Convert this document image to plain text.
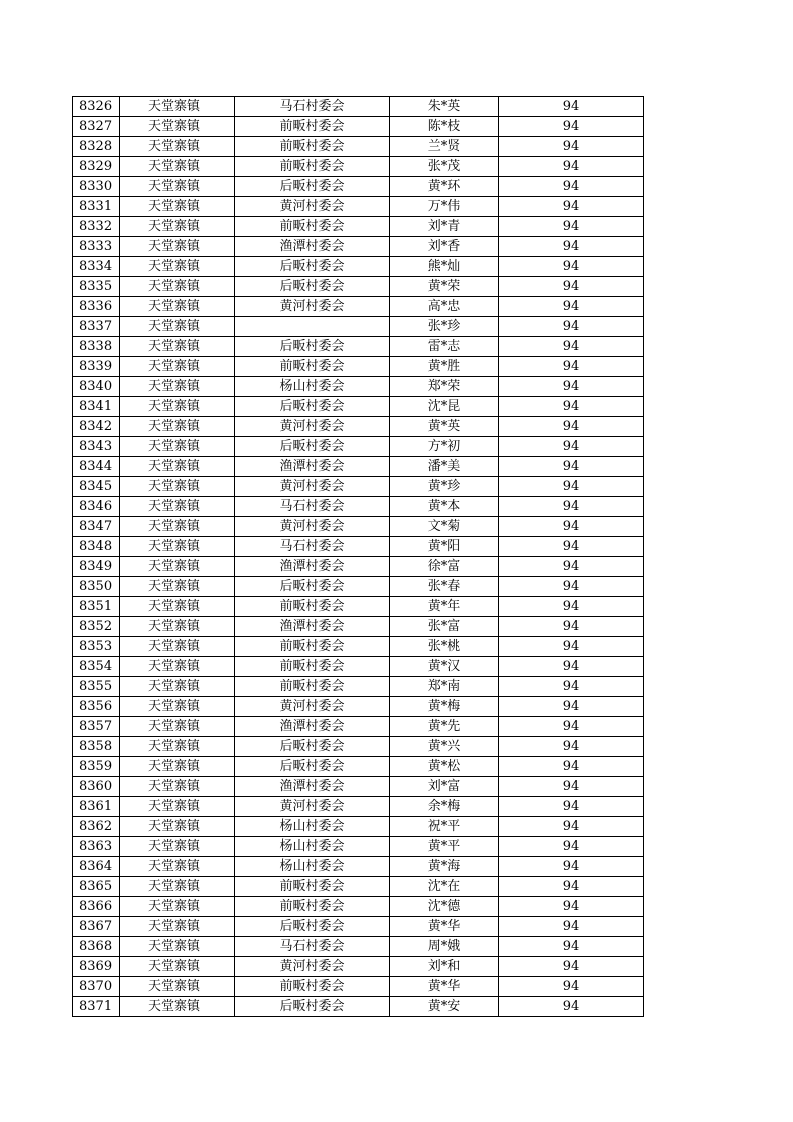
8326	天堂寨镇	马石村委会	朱*英	94
8327	天堂寨镇	前畈村委会	陈*枝	94
8328	天堂寨镇	前畈村委会	兰*贤	94
8329	天堂寨镇	前畈村委会	张*茂	94
8330	天堂寨镇	后畈村委会	黄*环	94
8331	天堂寨镇	黄河村委会	万*伟	94
8332	天堂寨镇	前畈村委会	刘*青	94
8333	天堂寨镇	渔潭村委会	刘*香	94
8334	天堂寨镇	后畈村委会	熊*灿	94
8335	天堂寨镇	后畈村委会	黄*荣	94
8336	天堂寨镇	黄河村委会	高*忠	94
8337	天堂寨镇		张*珍	94
8338	天堂寨镇	后畈村委会	雷*志	94
8339	天堂寨镇	前畈村委会	黄*胜	94
8340	天堂寨镇	杨山村委会	郑*荣	94
8341	天堂寨镇	后畈村委会	沈*昆	94
8342	天堂寨镇	黄河村委会	黄*英	94
8343	天堂寨镇	后畈村委会	方*初	94
8344	天堂寨镇	渔潭村委会	潘*美	94
8345	天堂寨镇	黄河村委会	黄*珍	94
8346	天堂寨镇	马石村委会	黄*本	94
8347	天堂寨镇	黄河村委会	文*菊	94
8348	天堂寨镇	马石村委会	黄*阳	94
8349	天堂寨镇	渔潭村委会	徐*富	94
8350	天堂寨镇	后畈村委会	张*春	94
8351	天堂寨镇	前畈村委会	黄*年	94
8352	天堂寨镇	渔潭村委会	张*富	94
8353	天堂寨镇	前畈村委会	张*桃	94
8354	天堂寨镇	前畈村委会	黄*汉	94
8355	天堂寨镇	前畈村委会	郑*南	94
8356	天堂寨镇	黄河村委会	黄*梅	94
8357	天堂寨镇	渔潭村委会	黄*先	94
8358	天堂寨镇	后畈村委会	黄*兴	94
8359	天堂寨镇	后畈村委会	黄*松	94
8360	天堂寨镇	渔潭村委会	刘*富	94
8361	天堂寨镇	黄河村委会	余*梅	94
8362	天堂寨镇	杨山村委会	祝*平	94
8363	天堂寨镇	杨山村委会	黄*平	94
8364	天堂寨镇	杨山村委会	黄*海	94
8365	天堂寨镇	前畈村委会	沈*在	94
8366	天堂寨镇	前畈村委会	沈*德	94
8367	天堂寨镇	后畈村委会	黄*华	94
8368	天堂寨镇	马石村委会	周*娥	94
8369	天堂寨镇	黄河村委会	刘*和	94
8370	天堂寨镇	前畈村委会	黄*华	94
8371	天堂寨镇	后畈村委会	黄*安	94
